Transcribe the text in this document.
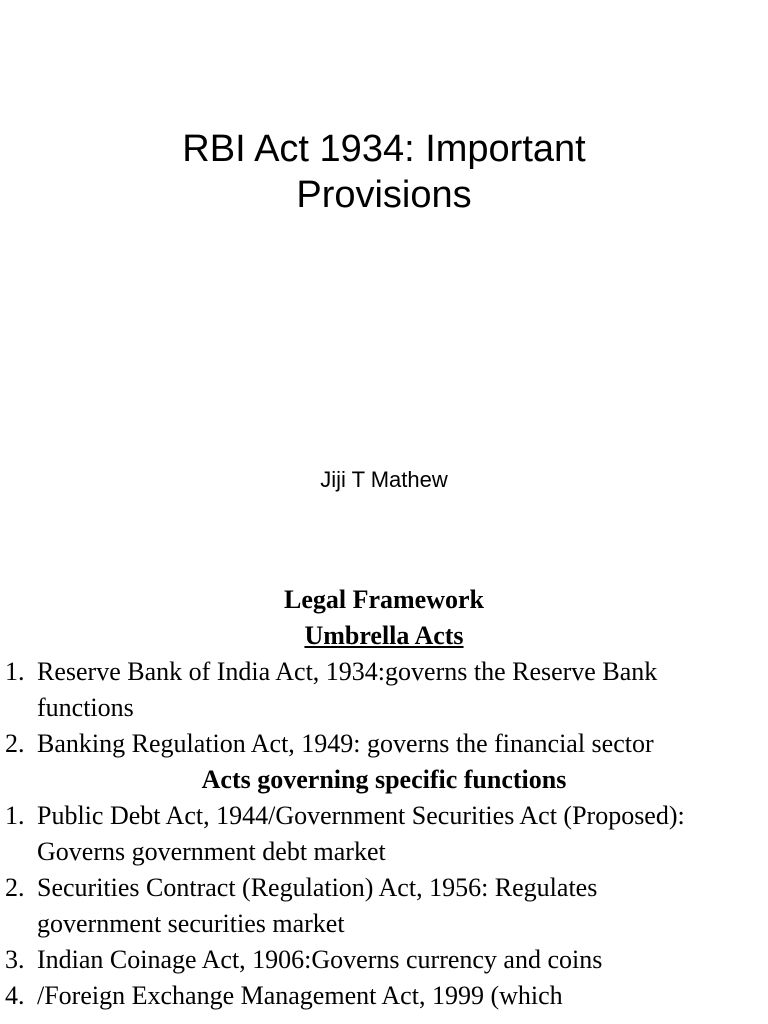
RBI Act 1934: Important
Provisions
Jiji T Mathew
Legal Framework
Umbrella Acts
1. Reserve Bank of India Act, 1934:governs the Reserve Bank functions
2. Banking Regulation Act, 1949: governs the financial sector
Acts governing specific functions
1. Public Debt Act, 1944/Government Securities Act (Proposed): Governs government debt market
2. Securities Contract (Regulation) Act, 1956: Regulates government securities market
3. Indian Coinage Act, 1906:Governs currency and coins
4. /Foreign Exchange Management Act, 1999 (which
